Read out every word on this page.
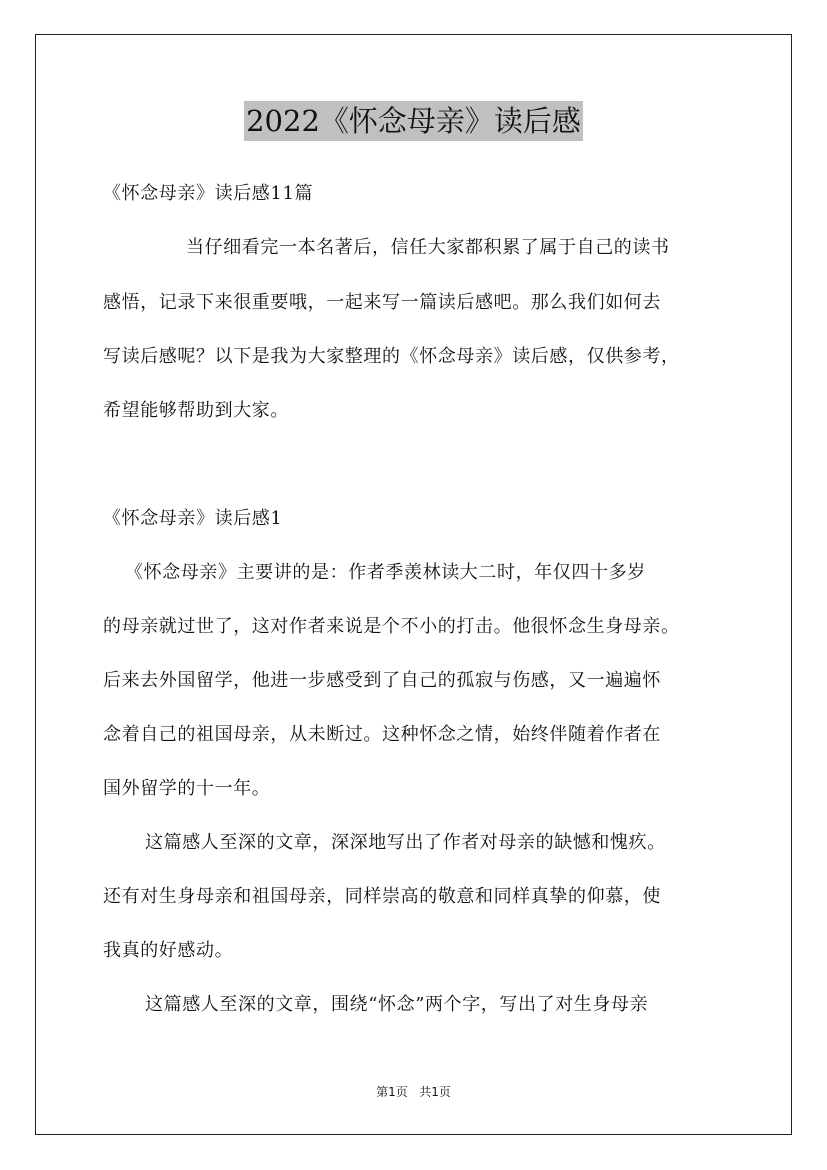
2022《怀念母亲》读后感
《怀念母亲》读后感11篇
当仔细看完一本名著后，信任大家都积累了属于自己的读书
感悟，记录下来很重要哦，一起来写一篇读后感吧。那么我们如何去
写读后感呢？以下是我为大家整理的《怀念母亲》读后感，仅供参考，
希望能够帮助到大家。
《怀念母亲》读后感1
《怀念母亲》主要讲的是：作者季羡林读大二时，年仅四十多岁
的母亲就过世了，这对作者来说是个不小的打击。他很怀念生身母亲。
后来去外国留学，他进一步感受到了自己的孤寂与伤感，又一遍遍怀
念着自己的祖国母亲，从未断过。这种怀念之情，始终伴随着作者在
国外留学的十一年。
这篇感人至深的文章，深深地写出了作者对母亲的缺憾和愧疚。
还有对生身母亲和祖国母亲，同样崇高的敬意和同样真挚的仰慕，使
我真的好感动。
这篇感人至深的文章，围绕“怀念”两个字，写出了对生身母亲
第1页 共1页
